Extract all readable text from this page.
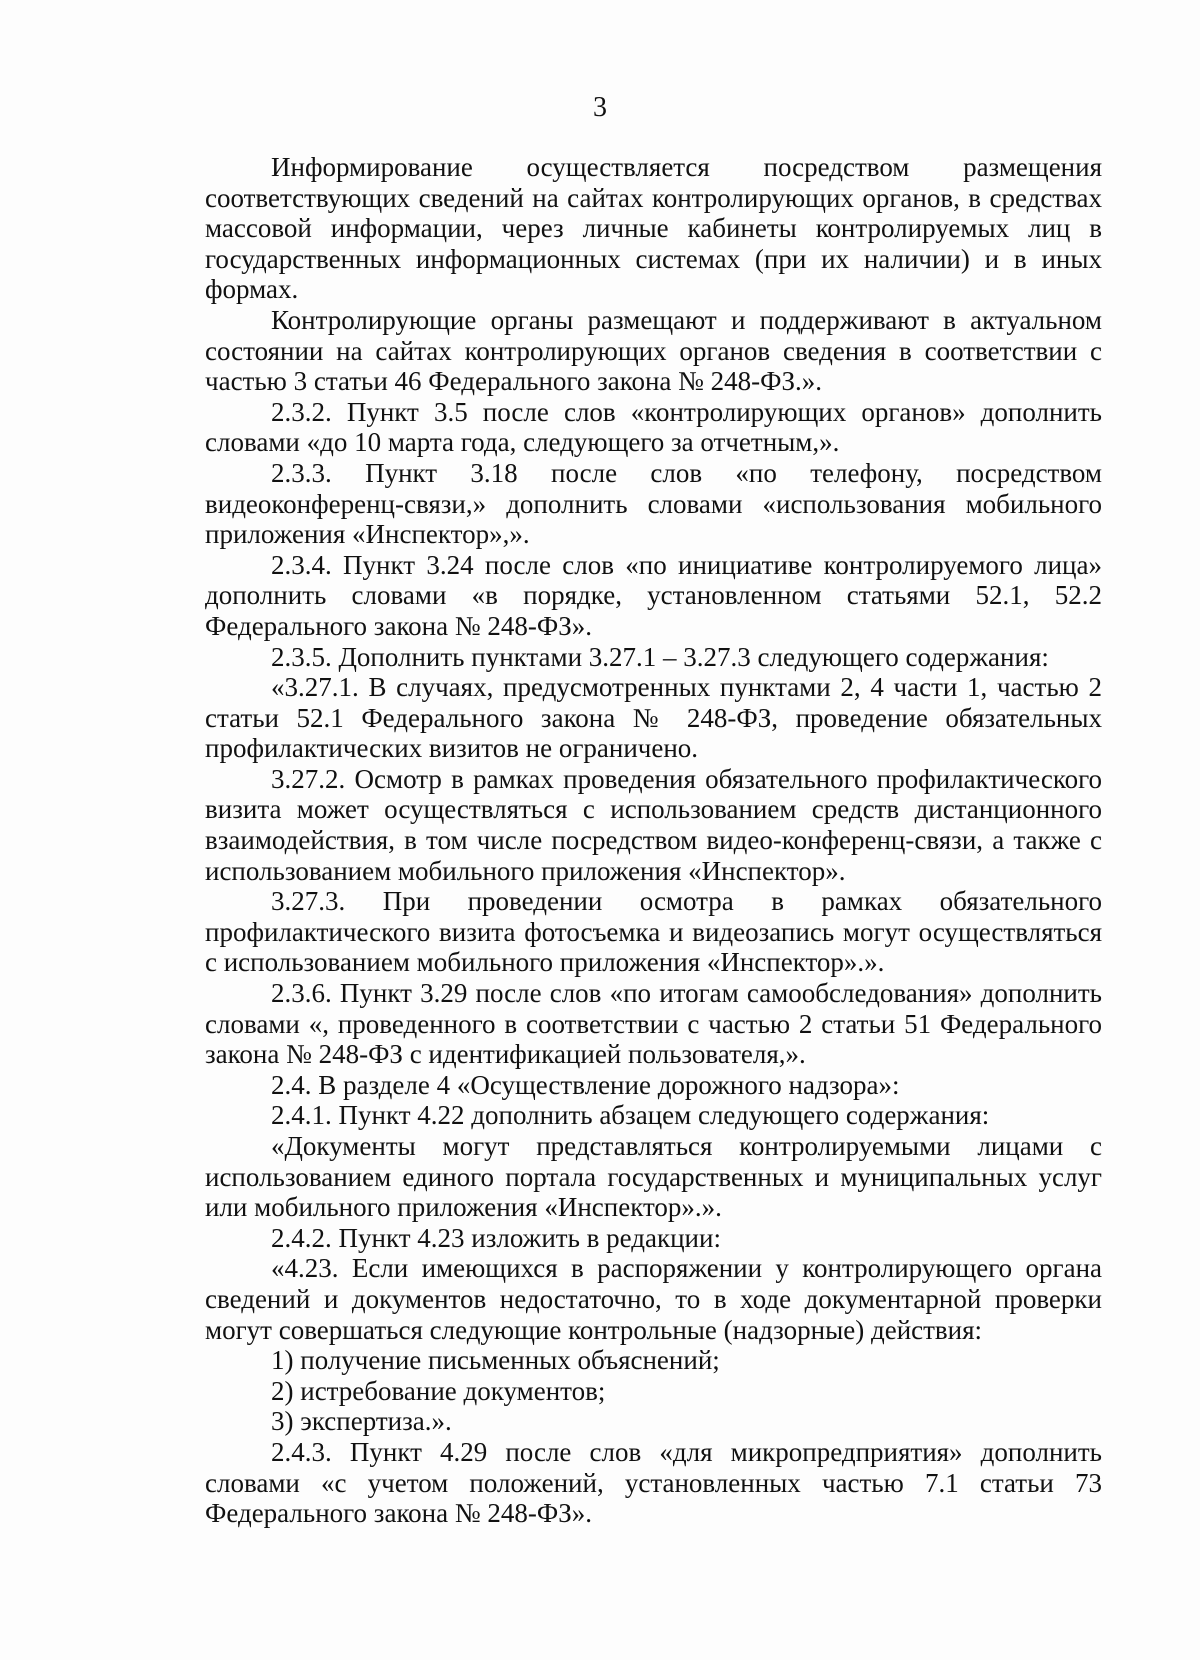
3

Информирование осуществляется посредством размещения соответствующих сведений на сайтах контролирующих органов, в средствах массовой информации, через личные кабинеты контролируемых лиц в государственных информационных системах (при их наличии) и в иных формах.

Контролирующие органы размещают и поддерживают в актуальном состоянии на сайтах контролирующих органов сведения в соответствии с частью 3 статьи 46 Федерального закона № 248-ФЗ.».

2.3.2. Пункт 3.5 после слов «контролирующих органов» дополнить словами «до 10 марта года, следующего за отчетным,».

2.3.3. Пункт 3.18 после слов «по телефону, посредством видеоконференц-связи,» дополнить словами «использования мобильного приложения «Инспектор»,».

2.3.4. Пункт 3.24 после слов «по инициативе контролируемого лица» дополнить словами «в порядке, установленном статьями 52.1, 52.2 Федерального закона № 248-ФЗ».

2.3.5. Дополнить пунктами 3.27.1 – 3.27.3 следующего содержания:

«3.27.1. В случаях, предусмотренных пунктами 2, 4 части 1, частью 2 статьи 52.1 Федерального закона № 248-ФЗ, проведение обязательных профилактических визитов не ограничено.

3.27.2. Осмотр в рамках проведения обязательного профилактического визита может осуществляться с использованием средств дистанционного взаимодействия, в том числе посредством видео-конференц-связи, а также с использованием мобильного приложения «Инспектор».

3.27.3. При проведении осмотра в рамках обязательного профилактического визита фотосъемка и видеозапись могут осуществляться с использованием мобильного приложения «Инспектор».».

2.3.6. Пункт 3.29 после слов «по итогам самообследования» дополнить словами «, проведенного в соответствии с частью 2 статьи 51 Федерального закона № 248-ФЗ с идентификацией пользователя,».

2.4. В разделе 4 «Осуществление дорожного надзора»:

2.4.1. Пункт 4.22 дополнить абзацем следующего содержания:

«Документы могут представляться контролируемыми лицами с использованием единого портала государственных и муниципальных услуг или мобильного приложения «Инспектор».».

2.4.2. Пункт 4.23 изложить в редакции:

«4.23. Если имеющихся в распоряжении у контролирующего органа сведений и документов недостаточно, то в ходе документарной проверки могут совершаться следующие контрольные (надзорные) действия:

1) получение письменных объяснений;

2) истребование документов;

3) экспертиза.».

2.4.3. Пункт 4.29 после слов «для микропредприятия» дополнить словами «с учетом положений, установленных частью 7.1 статьи 73 Федерального закона № 248-ФЗ».
